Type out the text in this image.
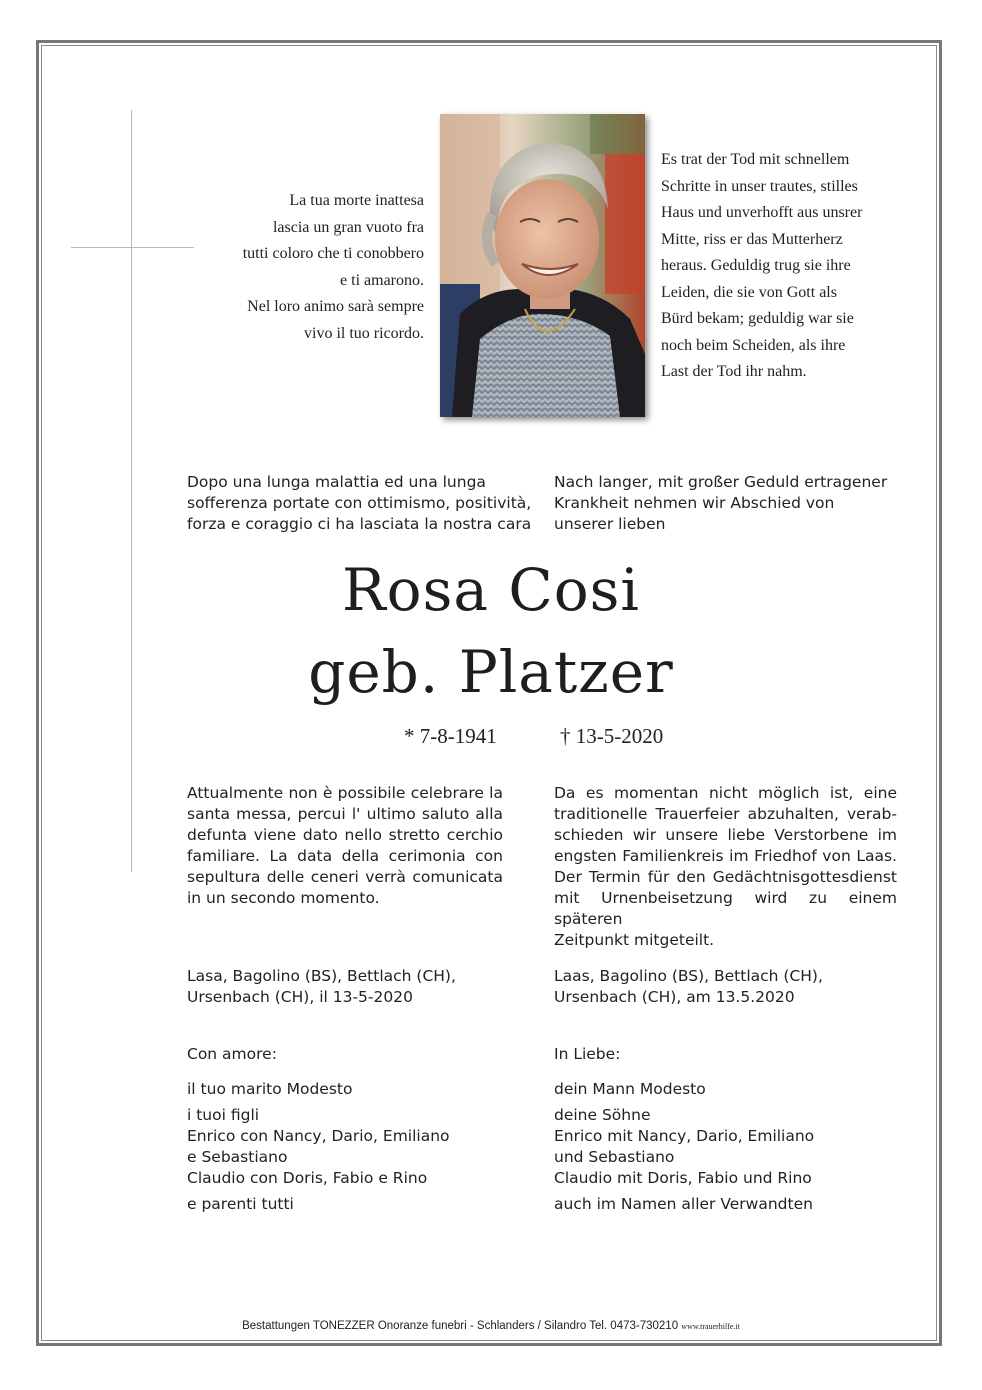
La tua morte inattesa
lascia un gran vuoto fra
tutti coloro che ti conobbero
e ti amarono.
Nel loro animo sarà sempre
vivo il tuo ricordo.

Es trat der Tod mit schnellem
Schritte in unser trautes, stilles
Haus und unverhofft aus unsrer
Mitte, riss er das Mutterherz
heraus. Geduldig trug sie ihre
Leiden, die sie von Gott als
Bürd bekam; geduldig war sie
noch beim Scheiden, als ihre
Last der Tod ihr nahm.

Dopo una lunga malattia ed una lunga
sofferenza portate con ottimismo, positività,
forza e coraggio ci ha lasciata la nostra cara

Nach langer, mit großer Geduld ertragener
Krankheit nehmen wir Abschied von
unserer lieben

Rosa Cosi
geb. Platzer
* 7-8-1941	† 13-5-2020

Attualmente non è possibile celebrare la
santa messa, percui l' ultimo saluto alla
defunta viene dato nello stretto cerchio
familiare. La data della cerimonia con
sepultura delle ceneri verrà comunicata
in un secondo momento.

Da es momentan nicht möglich ist, eine
traditionelle Trauerfeier abzuhalten, verab-
schieden wir unsere liebe Verstorbene im
engsten Familienkreis im Friedhof von Laas.
Der Termin für den Gedächtnisgottesdienst
mit Urnenbeisetzung wird zu einem späteren
Zeitpunkt mitgeteilt.

Lasa, Bagolino (BS), Bettlach (CH),
Ursenbach (CH), il 13-5-2020

Laas, Bagolino (BS), Bettlach (CH),
Ursenbach (CH), am 13.5.2020

Con amore:	In Liebe:

il tuo marito Modesto
i tuoi figli
Enrico con Nancy, Dario, Emiliano
e Sebastiano
Claudio con Doris, Fabio e Rino
e parenti tutti
dein Mann Modesto
deine Söhne
Enrico mit Nancy, Dario, Emiliano
und Sebastiano
Claudio mit Doris, Fabio und Rino
auch im Namen aller Verwandten
Bestattungen TONEZZER Onoranze funebri - Schlanders / Silandro Tel. 0473-730210 www.trauerhilfe.it
